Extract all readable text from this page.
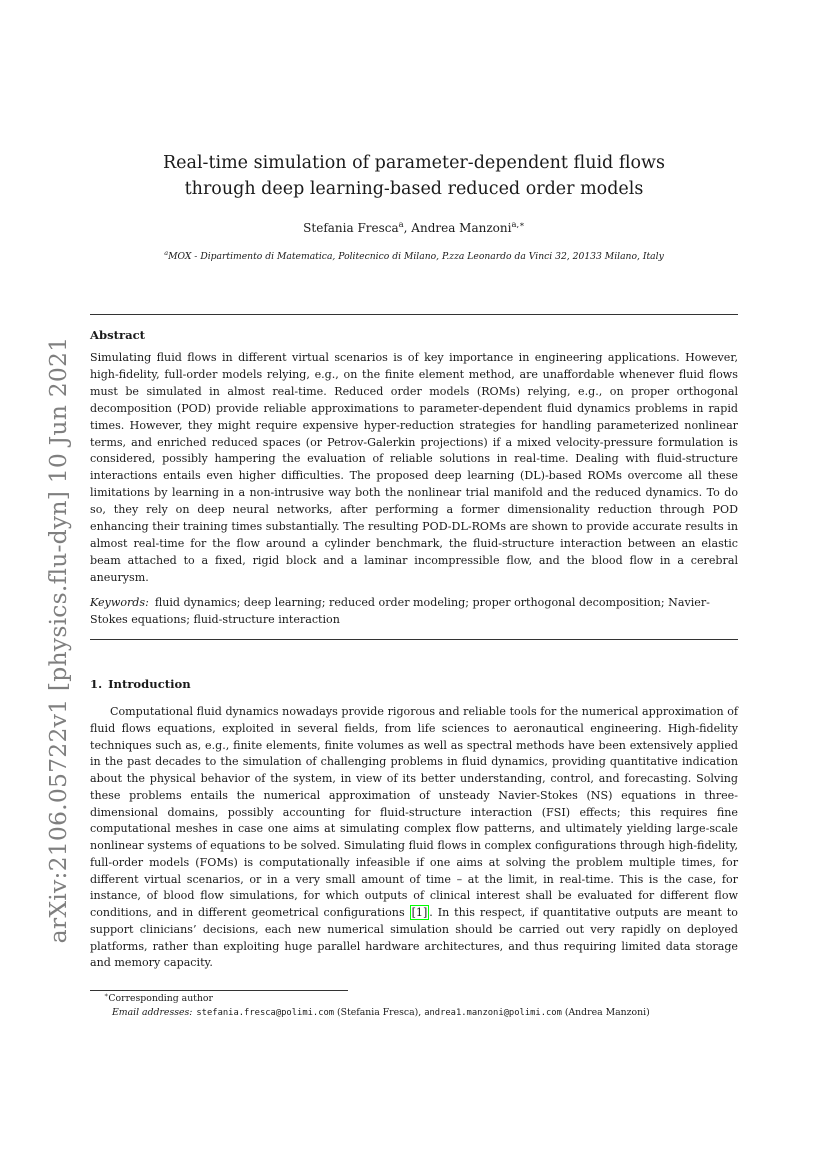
arXiv:2106.05722v1 [physics.flu-dyn] 10 Jun 2021
Real-time simulation of parameter-dependent fluid flows
through deep learning-based reduced order models
Stefania Fresca$^a$, Andrea Manzoni$^{a,∗}$
$^a$MOX - Dipartimento di Matematica, Politecnico di Milano, P.zza Leonardo da Vinci 32, 20133 Milano, Italy
Abstract
Simulating fluid flows in different virtual scenarios is of key importance in engineering applications. However, high-fidelity, full-order models relying, e.g., on the finite element method, are unaffordable whenever fluid flows must be simulated in almost real-time. Reduced order models (ROMs) relying, e.g., on proper orthogonal decomposition (POD) provide reliable approximations to parameter-dependent fluid dynamics problems in rapid times. However, they might require expensive hyper-reduction strategies for handling parameterized nonlinear terms, and enriched reduced spaces (or Petrov-Galerkin projections) if a mixed velocity-pressure formulation is considered, possibly hampering the evaluation of reliable solutions in real-time. Dealing with fluid-structure interactions entails even higher difficulties. The proposed deep learning (DL)-based ROMs overcome all these limitations by learning in a non-intrusive way both the nonlinear trial manifold and the reduced dynamics. To do so, they rely on deep neural networks, after performing a former dimensionality reduction through POD enhancing their training times substantially. The resulting POD-DL-ROMs are shown to provide accurate results in almost real-time for the flow around a cylinder benchmark, the fluid-structure interaction between an elastic beam attached to a fixed, rigid block and a laminar incompressible flow, and the blood flow in a cerebral aneurysm.
Keywords: fluid dynamics; deep learning; reduced order modeling; proper orthogonal decomposition; Navier-Stokes equations; fluid-structure interaction
1. Introduction
Computational fluid dynamics nowadays provide rigorous and reliable tools for the numerical approximation of fluid flows equations, exploited in several fields, from life sciences to aeronautical engineering. High-fidelity techniques such as, e.g., finite elements, finite volumes as well as spectral methods have been extensively applied in the past decades to the simulation of challenging problems in fluid dynamics, providing quantitative indication about the physical behavior of the system, in view of its better understanding, control, and forecasting. Solving these problems entails the numerical approximation of unsteady Navier-Stokes (NS) equations in three-dimensional domains, possibly accounting for fluid-structure interaction (FSI) effects; this requires fine computational meshes in case one aims at simulating complex flow patterns, and ultimately yielding large-scale nonlinear systems of equations to be solved. Simulating fluid flows in complex configurations through high-fidelity, full-order models (FOMs) is computationally infeasible if one aims at solving the problem multiple times, for different virtual scenarios, or in a very small amount of time – at the limit, in real-time. This is the case, for instance, of blood flow simulations, for which outputs of clinical interest shall be evaluated for different flow conditions, and in different geometrical configurations [1] . In this respect, if quantitative outputs are meant to support clinicians’ decisions, each new numerical simulation should be carried out very rapidly on deployed platforms, rather than exploiting huge parallel hardware architectures, and thus requiring limited data storage and memory capacity.
∗Corresponding author
Email addresses: stefania.fresca@polimi.com (Stefania Fresca), andrea1.manzoni@polimi.com (Andrea Manzoni)
